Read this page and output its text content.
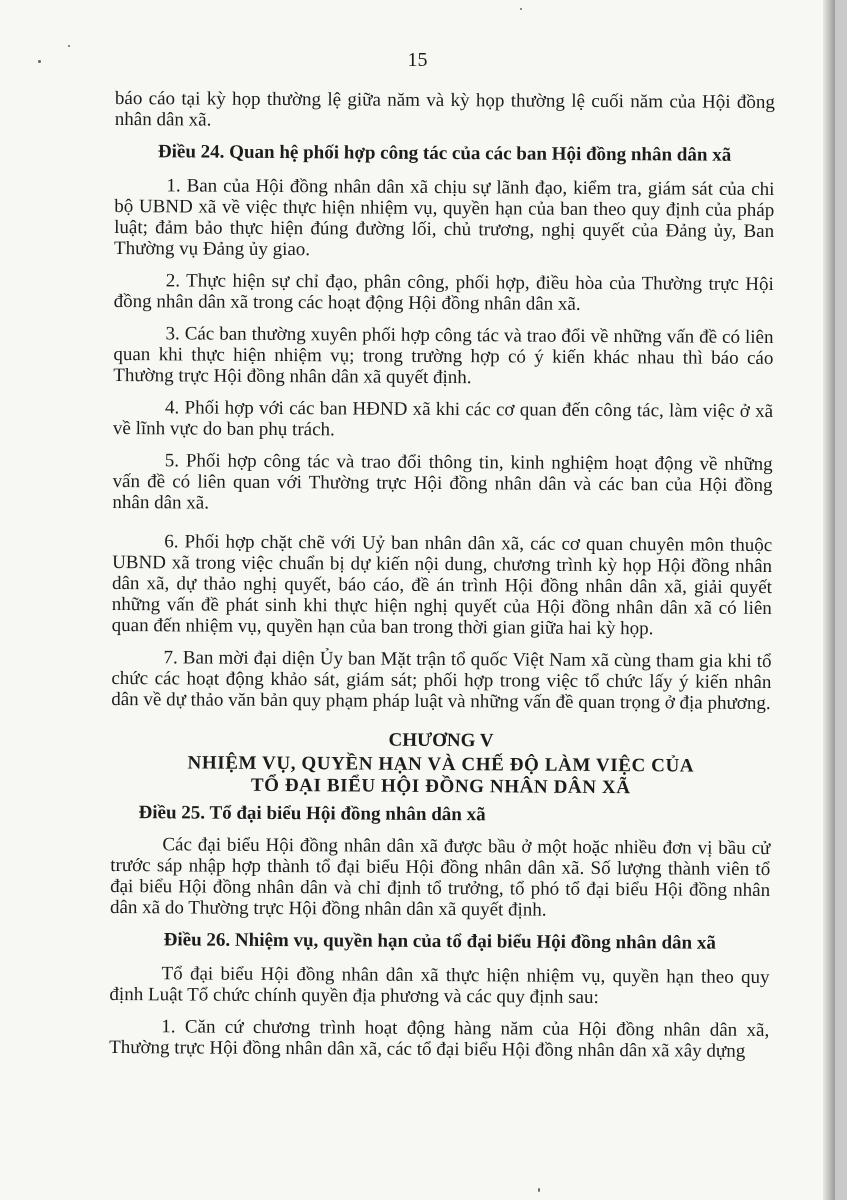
15

báo cáo tại kỳ họp thường lệ giữa năm và kỳ họp thường lệ cuối năm của Hội đồng nhân dân xã.

Điều 24. Quan hệ phối hợp công tác của các ban Hội đồng nhân dân xã

1. Ban của Hội đồng nhân dân xã chịu sự lãnh đạo, kiểm tra, giám sát của chi bộ UBND xã về việc thực hiện nhiệm vụ, quyền hạn của ban theo quy định của pháp luật; đảm bảo thực hiện đúng đường lối, chủ trương, nghị quyết của Đảng ủy, Ban Thường vụ Đảng ủy giao.

2. Thực hiện sự chỉ đạo, phân công, phối hợp, điều hòa của Thường trực Hội đồng nhân dân xã trong các hoạt động Hội đồng nhân dân xã.

3. Các ban thường xuyên phối hợp công tác và trao đổi về những vấn đề có liên quan khi thực hiện nhiệm vụ; trong trường hợp có ý kiến khác nhau thì báo cáo Thường trực Hội đồng nhân dân xã quyết định.

4. Phối hợp với các ban HĐND xã khi các cơ quan đến công tác, làm việc ở xã về lĩnh vực do ban phụ trách.

5. Phối hợp công tác và trao đổi thông tin, kinh nghiệm hoạt động về những vấn đề có liên quan với Thường trực Hội đồng nhân dân và các ban của Hội đồng nhân dân xã.

6. Phối hợp chặt chẽ với Uỷ ban nhân dân xã, các cơ quan chuyên môn thuộc UBND xã trong việc chuẩn bị dự kiến nội dung, chương trình kỳ họp Hội đồng nhân dân xã, dự thảo nghị quyết, báo cáo, đề án trình Hội đồng nhân dân xã, giải quyết những vấn đề phát sinh khi thực hiện nghị quyết của Hội đồng nhân dân xã có liên quan đến nhiệm vụ, quyền hạn của ban trong thời gian giữa hai kỳ họp.

7. Ban mời đại diện Ủy ban Mặt trận tổ quốc Việt Nam xã cùng tham gia khi tổ chức các hoạt động khảo sát, giám sát; phối hợp trong việc tổ chức lấy ý kiến nhân dân về dự thảo văn bản quy phạm pháp luật và những vấn đề quan trọng ở địa phương.

CHƯƠNG V
NHIỆM VỤ, QUYỀN HẠN VÀ CHẾ ĐỘ LÀM VIỆC CỦA
TỔ ĐẠI BIỂU HỘI ĐỒNG NHÂN DÂN XÃ
Điều 25. Tổ đại biểu Hội đồng nhân dân xã

Các đại biểu Hội đồng nhân dân xã được bầu ở một hoặc nhiều đơn vị bầu cử trước sáp nhập hợp thành tổ đại biểu Hội đồng nhân dân xã. Số lượng thành viên tổ đại biểu Hội đồng nhân dân và chỉ định tổ trưởng, tổ phó tổ đại biểu Hội đồng nhân dân xã do Thường trực Hội đồng nhân dân xã quyết định.

Điều 26. Nhiệm vụ, quyền hạn của tổ đại biểu Hội đồng nhân dân xã

Tổ đại biểu Hội đồng nhân dân xã thực hiện nhiệm vụ, quyền hạn theo quy định Luật Tổ chức chính quyền địa phương và các quy định sau:

1. Căn cứ chương trình hoạt động hàng năm của Hội đồng nhân dân xã, Thường trực Hội đồng nhân dân xã, các tổ đại biểu Hội đồng nhân dân xã xây dựng
